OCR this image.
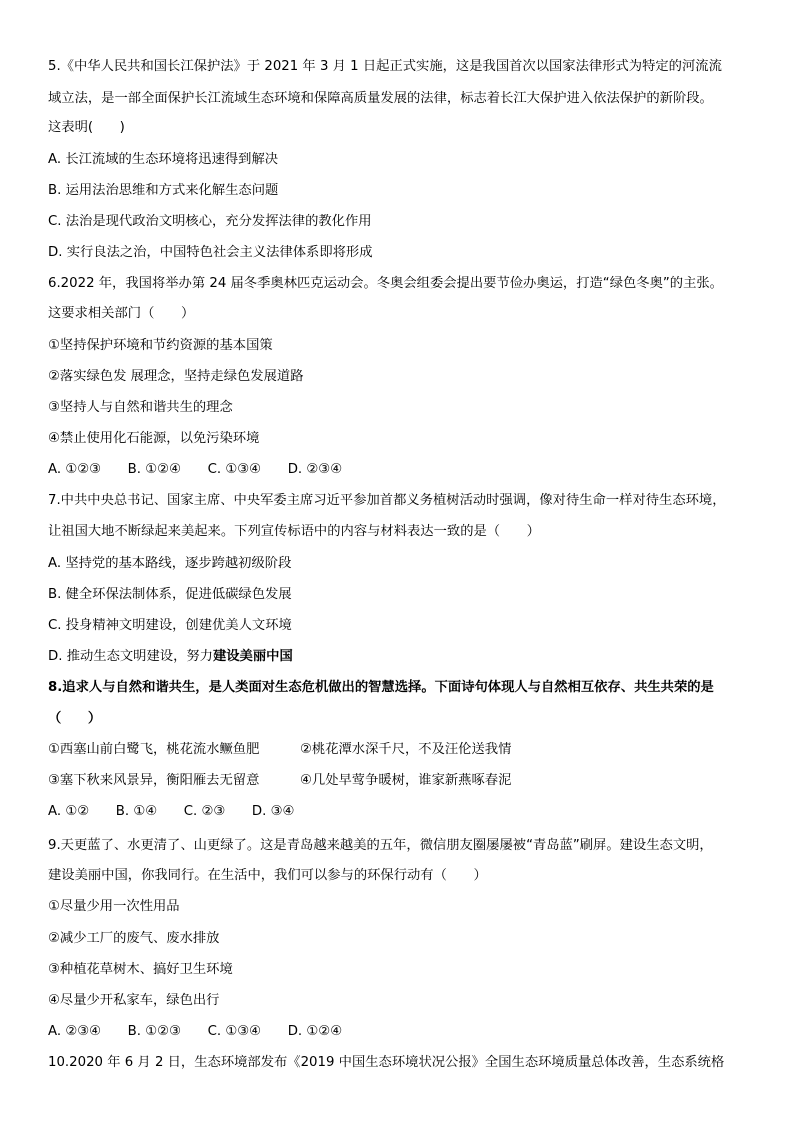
5.《中华人民共和国长江保护法》于 2021 年 3 月 1 日起正式实施，这是我国首次以国家法律形式为特定的河流流
域立法，是一部全面保护长江流域生态环境和保障高质量发展的法律，标志着长江大保护进入依法保护的新阶段。
这表明(　　)
A. 长江流域的生态环境将迅速得到解决
B. 运用法治思维和方式来化解生态问题
C. 法治是现代政治文明核心，充分发挥法律的教化作用
D. 实行良法之治，中国特色社会主义法律体系即将形成
6.2022 年，我国将举办第 24 届冬季奥林匹克运动会。冬奥会组委会提出要节俭办奥运，打造“绿色冬奥”的主张。
这要求相关部门（　　）
①坚持保护环境和节约资源的基本国策
②落实绿色发 展理念，坚持走绿色发展道路
③坚持人与自然和谐共生的理念
④禁止使用化石能源，以免污染环境
A. ①②③　　B. ①②④　　C. ①③④　　D. ②③④
7.中共中央总书记、国家主席、中央军委主席习近平参加首都义务植树活动时强调，像对待生命一样对待生态环境，
让祖国大地不断绿起来美起来。下列宣传标语中的内容与材料表达一致的是（　　）
A. 坚持党的基本路线，逐步跨越初级阶段
B. 健全环保法制体系，促进低碳绿色发展
C. 投身精神文明建设，创建优美人文环境
D. 推动生态文明建设，努力建设美丽中国
8.追求人与自然和谐共生，是人类面对生态危机做出的智慧选择。下面诗句体现人与自然相互依存、共生共荣的是
（　　）
①西塞山前白鹭飞，桃花流水鳜鱼肥	②桃花潭水深千尺，不及汪伦送我情
③塞下秋来风景异，衡阳雁去无留意	④几处早莺争暖树，谁家新燕啄春泥
A. ①②　　B. ①④　　C. ②③　　D. ③④
9.天更蓝了、水更清了、山更绿了。这是青岛越来越美的五年，微信朋友圈屡屡被“青岛蓝”刷屏。建设生态文明，
建设美丽中国，你我同行。在生活中，我们可以参与的环保行动有（　　）
①尽量少用一次性用品
②减少工厂的废气、废水排放
③种植花草树木、搞好卫生环境
④尽量少开私家车，绿色出行
A. ②③④　　B. ①②③　　C. ①③④　　D. ①②④
10.2020 年 6 月 2 日，生态环境部发布《2019 中国生态环境状况公报》全国生态环境质量总体改善，生态系统格
